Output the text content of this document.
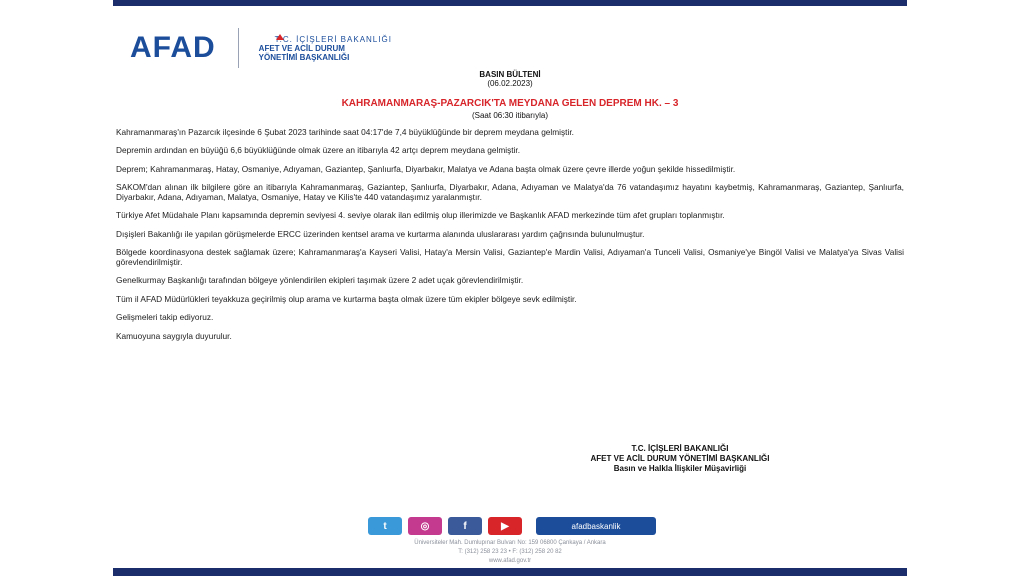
AFAD	T.C. İÇİŞLERİ BAKANLIĞI
AFET VE ACİL DURUM
YÖNETİMİ BAŞKANLIĞI
BASIN BÜLTENİ
(06.02.2023)
KAHRAMANMARAŞ-PAZARCIK'TA MEYDANA GELEN DEPREM HK. – 3
(Saat 06:30 itibarıyla)

Kahramanmaraş'ın Pazarcık ilçesinde 6 Şubat 2023 tarihinde saat 04:17'de 7,4 büyüklüğünde bir deprem meydana gelmiştir.

Depremin ardından en büyüğü 6,6 büyüklüğünde olmak üzere an itibarıyla 42 artçı deprem meydana gelmiştir.

Deprem; Kahramanmaraş, Hatay, Osmaniye, Adıyaman, Gaziantep, Şanlıurfa, Diyarbakır, Malatya ve Adana başta olmak üzere çevre illerde yoğun şekilde hissedilmiştir.

SAKOM'dan alınan ilk bilgilere göre an itibarıyla Kahramanmaraş, Gaziantep, Şanlıurfa, Diyarbakır, Adana, Adıyaman ve Malatya'da 76 vatandaşımız hayatını kaybetmiş, Kahramanmaraş, Gaziantep, Şanlıurfa, Diyarbakır, Adana, Adıyaman, Malatya, Osmaniye, Hatay ve Kilis'te 440 vatandaşımız yaralanmıştır.

Türkiye Afet Müdahale Planı kapsamında depremin seviyesi 4. seviye olarak ilan edilmiş olup illerimizde ve Başkanlık AFAD merkezinde tüm afet grupları toplanmıştır.

Dışişleri Bakanlığı ile yapılan görüşmelerde ERCC üzerinden kentsel arama ve kurtarma alanında uluslararası yardım çağrısında bulunulmuştur.

Bölgede koordinasyona destek sağlamak üzere; Kahramanmaraş'a Kayseri Valisi, Hatay'a Mersin Valisi, Gaziantep'e Mardin Valisi, Adıyaman'a Tunceli Valisi, Osmaniye'ye Bingöl Valisi ve Malatya'ya Sivas Valisi görevlendirilmiştir.

Genelkurmay Başkanlığı tarafından bölgeye yönlendirilen ekipleri taşımak üzere 2 adet uçak görevlendirilmiştir.

Tüm il AFAD Müdürlükleri teyakkuza geçirilmiş olup arama ve kurtarma başta olmak üzere tüm ekipler bölgeye sevk edilmiştir.

Gelişmeleri takip ediyoruz.

Kamuoyuna saygıyla duyurulur.

T.C. İÇİŞLERİ BAKANLIĞI
AFET VE ACİL DURUM YÖNETİMİ BAŞKANLIĞI
Basın ve Halkla İlişkiler Müşavirliği
t	◎	f	▶	afadbaskanlik
Üniversiteler Mah. Dumlupınar Bulvarı No: 159 06800 Çankaya / Ankara
T: (312) 258 23 23 • F: (312) 258 20 82
www.afad.gov.tr
